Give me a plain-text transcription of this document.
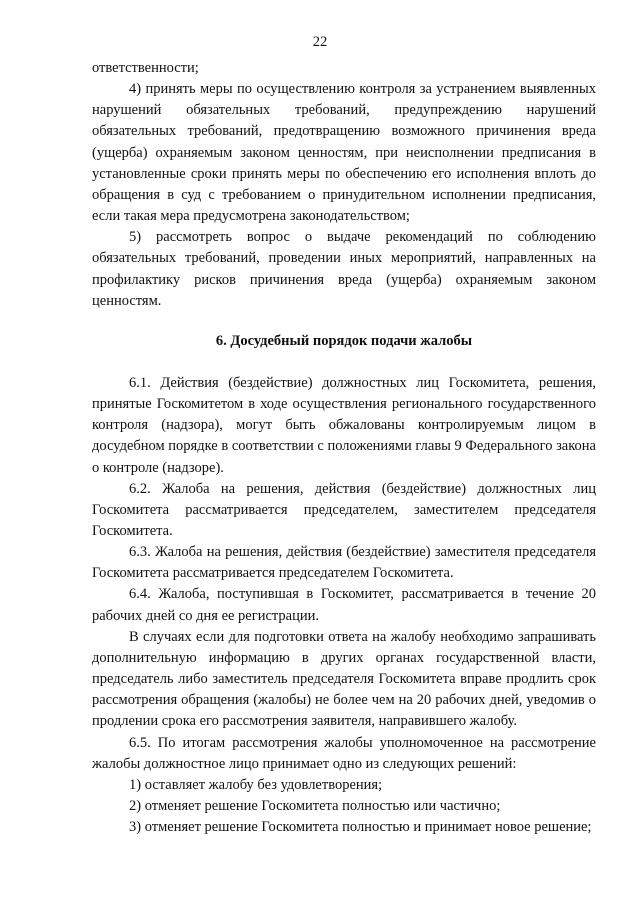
22

ответственности;

4) принять меры по осуществлению контроля за устранением выявленных нарушений обязательных требований, предупреждению нарушений обязательных требований, предотвращению возможного причинения вреда (ущерба) охраняемым законом ценностям, при неисполнении предписания в установленные сроки принять меры по обеспечению его исполнения вплоть до обращения в суд с требованием о принудительном исполнении предписания, если такая мера предусмотрена законодательством;

5) рассмотреть вопрос о выдаче рекомендаций по соблюдению обязательных требований, проведении иных мероприятий, направленных на профилактику рисков причинения вреда (ущерба) охраняемым законом ценностям.

6. Досудебный порядок подачи жалобы

6.1. Действия (бездействие) должностных лиц Госкомитета, решения, принятые Госкомитетом в ходе осуществления регионального государственного контроля (надзора), могут быть обжалованы контролируемым лицом в досудебном порядке в соответствии с положениями главы 9 Федерального закона о контроле (надзоре).

6.2. Жалоба на решения, действия (бездействие) должностных лиц Госкомитета рассматривается председателем, заместителем председателя Госкомитета.

6.3. Жалоба на решения, действия (бездействие) заместителя председателя Госкомитета рассматривается председателем Госкомитета.

6.4. Жалоба, поступившая в Госкомитет, рассматривается в течение 20 рабочих дней со дня ее регистрации.

В случаях если для подготовки ответа на жалобу необходимо запрашивать дополнительную информацию в других органах государственной власти, председатель либо заместитель председателя Госкомитета вправе продлить срок рассмотрения обращения (жалобы) не более чем на 20 рабочих дней, уведомив о продлении срока его рассмотрения заявителя, направившего жалобу.

6.5. По итогам рассмотрения жалобы уполномоченное на рассмотрение жалобы должностное лицо принимает одно из следующих решений:

1) оставляет жалобу без удовлетворения;

2) отменяет решение Госкомитета полностью или частично;

3) отменяет решение Госкомитета полностью и принимает новое решение;
